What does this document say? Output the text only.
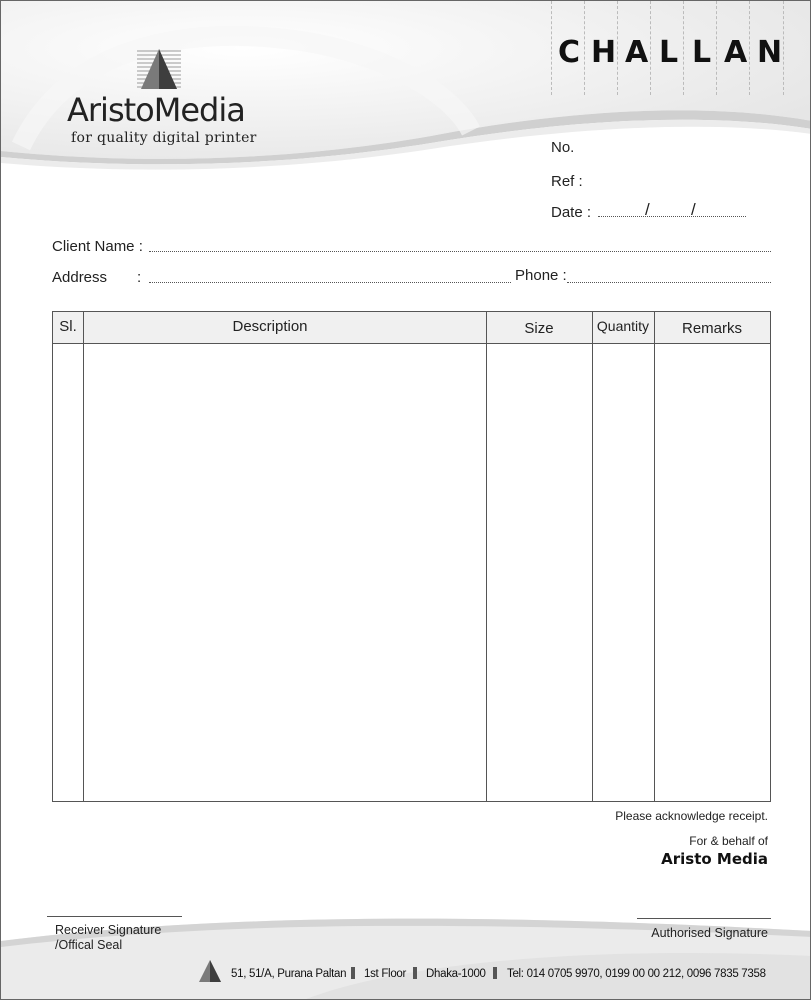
AristoMedia
for quality digital printer
C H A L L A N
No.
Ref :
Date :	/ /
Client Name :
Address :	Phone :
Sl.	Description	Size	Quantity	Remarks
Please acknowledge receipt.
For & behalf of
Aristo Media
Receiver Signature
/Offical Seal
Authorised Signature
51, 51/A, Purana Paltan 1st Floor Dhaka-1000 Tel: 014 0705 9970, 0199 00 00 212, 0096 7835 7358
